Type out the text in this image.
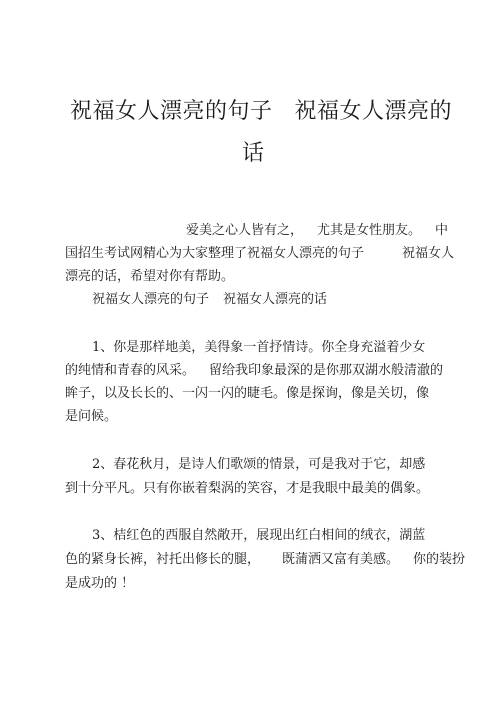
祝福女人漂亮的句子 祝福女人漂亮的
话
爱美之心人皆有之， 尤其是女性朋友。 中
国招生考试网精心为大家整理了祝福女人漂亮的句子	祝福女人
漂亮的话，希望对你有帮助。
祝福女人漂亮的句子 祝福女人漂亮的话
1、你是那样地美，美得象一首抒情诗。你全身充溢着少女
的纯情和青春的风采。 留给我印象最深的是你那双湖水般清澈的
眸子，以及长长的、一闪一闪的睫毛。像是探询，像是关切，像
是问候。
2、春花秋月，是诗人们歌颂的情景，可是我对于它，却感
到十分平凡。只有你嵌着梨涡的笑容，才是我眼中最美的偶象。
3、桔红色的西服自然敞开，展现出红白相间的绒衣，湖蓝
色的紧身长裤，衬托出修长的腿， 既蒲洒又富有美感。 你的装扮
是成功的 ！
